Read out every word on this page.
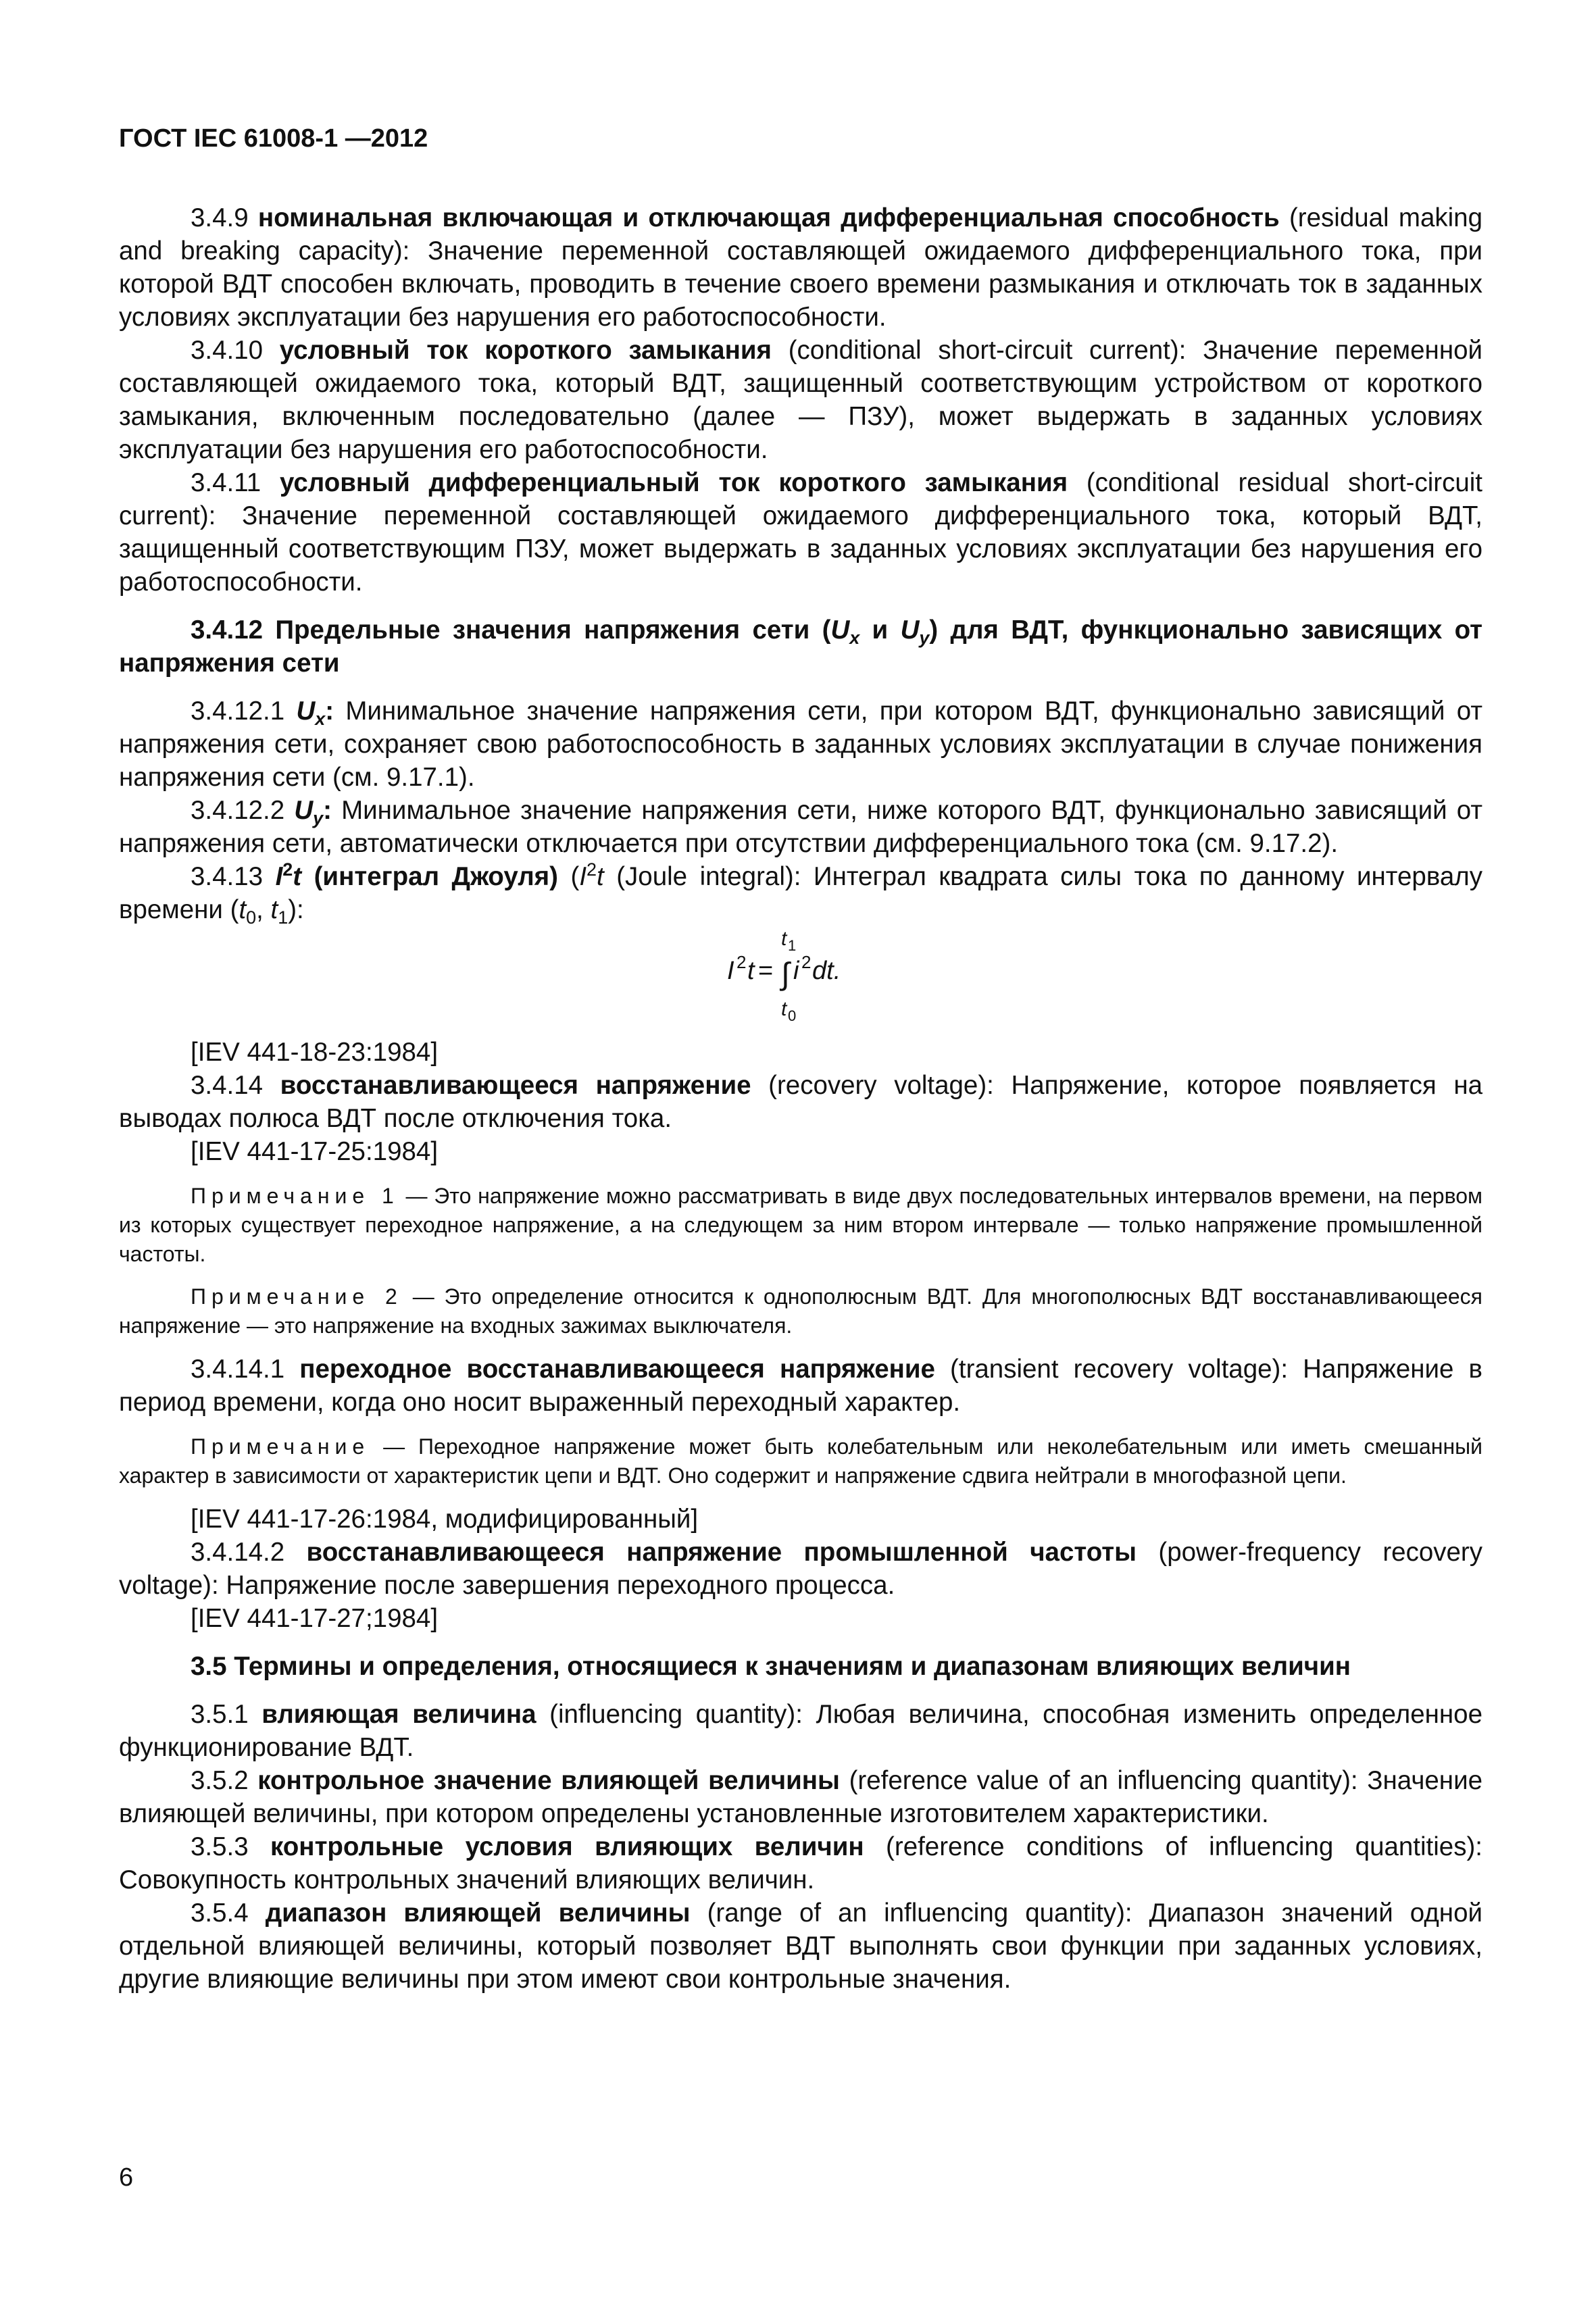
ГОСТ IEC 61008-1 —2012

3.4.9 номинальная включающая и отключающая дифференциальная способность (residual making and breaking capacity): Значение переменной составляющей ожидаемого дифференциального тока, при которой ВДТ способен включать, проводить в течение своего времени размыкания и отключать ток в заданных условиях эксплуатации без нарушения его работоспособности.

3.4.10 условный ток короткого замыкания (conditional short-circuit current): Значение переменной составляющей ожидаемого тока, который ВДТ, защищенный соответствующим устройством от короткого замыкания, включенным последовательно (далее — ПЗУ), может выдержать в заданных условиях эксплуатации без нарушения его работоспособности.

3.4.11 условный дифференциальный ток короткого замыкания (conditional residual short-circuit current): Значение переменной составляющей ожидаемого дифференциального тока, который ВДТ, защищенный соответствующим ПЗУ, может выдержать в заданных условиях эксплуатации без нарушения его работоспособности.

3.4.12 Предельные значения напряжения сети ($U_x$ и $U_y$) для ВДТ, функционально зависящих от напряжения сети

3.4.12.1 $U_x$: Минимальное значение напряжения сети, при котором ВДТ, функционально зависящий от напряжения сети, сохраняет свою работоспособность в заданных условиях эксплуатации в случае понижения напряжения сети (см. 9.17.1).

3.4.12.2 $U_y$: Минимальное значение напряжения сети, ниже которого ВДТ, функционально зависящий от напряжения сети, автоматически отключается при отсутствии дифференциального тока (см. 9.17.2).

3.4.13 $I^2t$ (интеграл Джоуля) ($I^2t$ (Joule integral): Интеграл квадрата силы тока по данному интервалу времени ($t_0$, $t_1$):

I 2 t =
t 1
∫ i 2 dt.
t 0

[IEV 441-18-23:1984]

3.4.14 восстанавливающееся напряжение (recovery voltage): Напряжение, которое появляется на выводах полюса ВДТ после отключения тока.

[IEV 441-17-25:1984]

Примечание 1 — Это напряжение можно рассматривать в виде двух последовательных интервалов времени, на первом из которых существует переходное напряжение, а на следующем за ним втором интервале — только напряжение промышленной частоты.

Примечание 2 — Это определение относится к однополюсным ВДТ. Для многополюсных ВДТ восстанавливающееся напряжение — это напряжение на входных зажимах выключателя.

3.4.14.1 переходное восстанавливающееся напряжение (transient recovery voltage): Напряжение в период времени, когда оно носит выраженный переходный характер.

Примечание — Переходное напряжение может быть колебательным или неколебательным или иметь смешанный характер в зависимости от характеристик цепи и ВДТ. Оно содержит и напряжение сдвига нейтрали в многофазной цепи.

[IEV 441-17-26:1984, модифицированный]

3.4.14.2 восстанавливающееся напряжение промышленной частоты (power-frequency recovery voltage): Напряжение после завершения переходного процесса.

[IEV 441-17-27;1984]

3.5 Термины и определения, относящиеся к значениям и диапазонам влияющих величин

3.5.1 влияющая величина (influencing quantity): Любая величина, способная изменить определенное функционирование ВДТ.

3.5.2 контрольное значение влияющей величины (reference value of an influencing quantity): Значение влияющей величины, при котором определены установленные изготовителем характеристики.

3.5.3 контрольные условия влияющих величин (reference conditions of influencing quantities): Совокупность контрольных значений влияющих величин.

3.5.4 диапазон влияющей величины (range of an influencing quantity): Диапазон значений одной отдельной влияющей величины, который позволяет ВДТ выполнять свои функции при заданных условиях, другие влияющие величины при этом имеют свои контрольные значения.

6
